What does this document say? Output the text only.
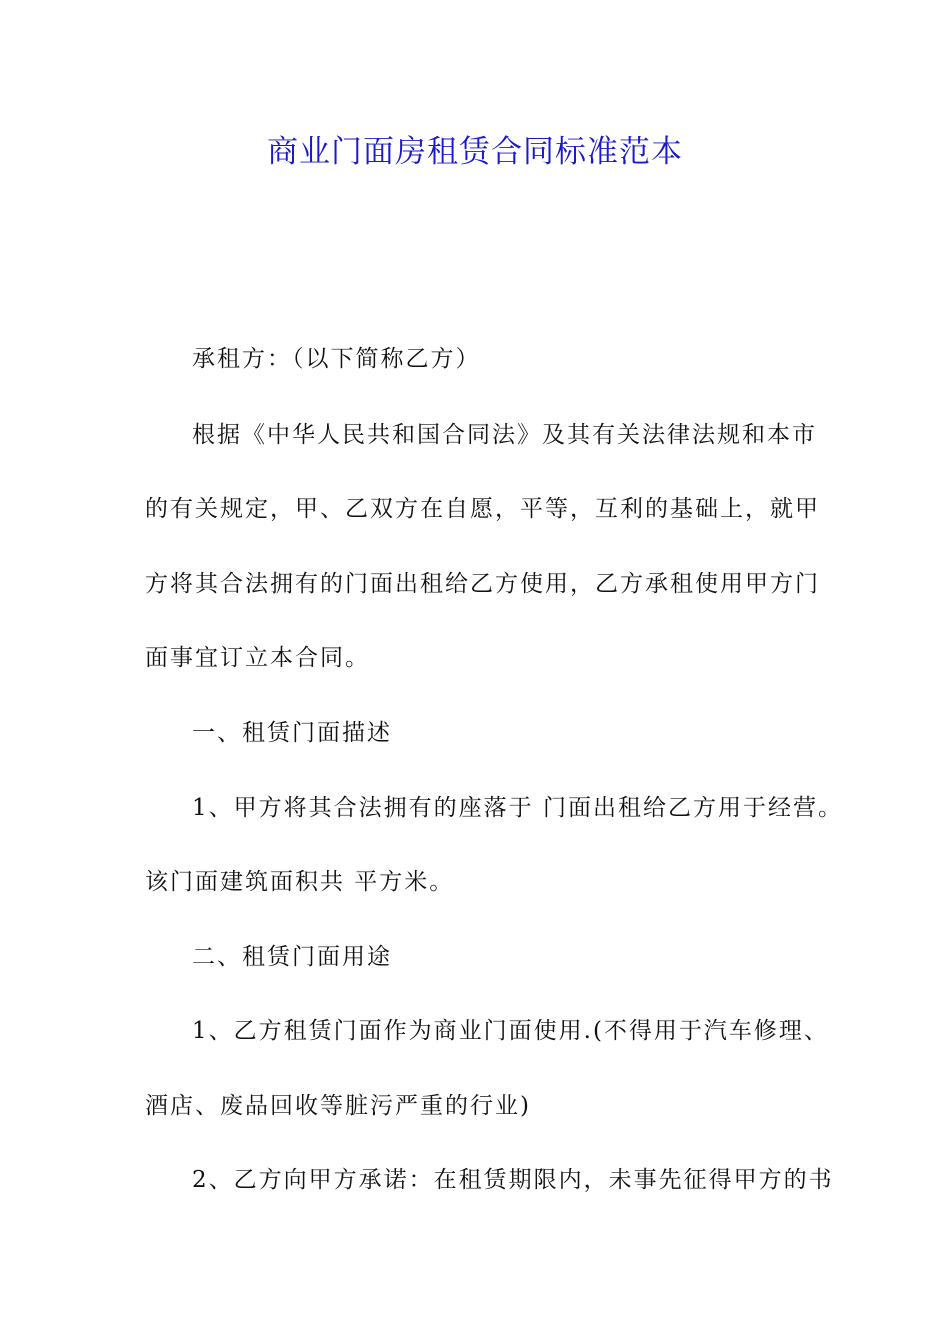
商业门面房租赁合同标准范本
承租方：（以下简称乙方）
根据《中华人民共和国合同法》及其有关法律法规和本市
的有关规定，甲、乙双方在自愿，平等，互利的基础上，就甲
方将其合法拥有的门面出租给乙方使用，乙方承租使用甲方门
面事宜订立本合同。
一、租赁门面描述
1、甲方将其合法拥有的座落于 门面出租给乙方用于经营。
该门面建筑面积共 平方米。
二、租赁门面用途
1、乙方租赁门面作为商业门面使用.(不得用于汽车修理、
酒店、废品回收等脏污严重的行业)
2、乙方向甲方承诺：在租赁期限内，未事先征得甲方的书
